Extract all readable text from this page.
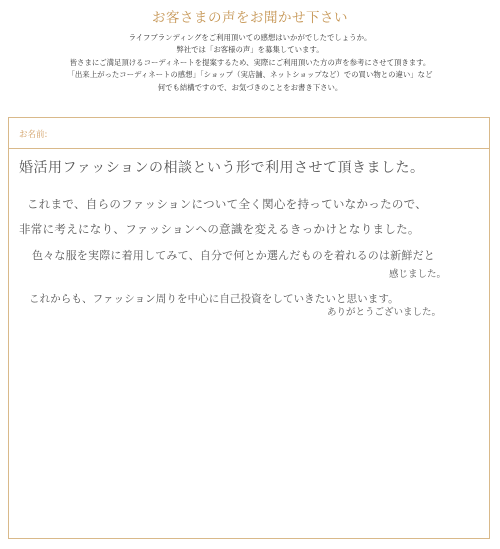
お客さまの声をお聞かせ下さい
ライフブランディングをご利用頂いての感想はいかがでしたでしょうか。
弊社では「お客様の声」を募集しています。
皆さまにご満足頂けるコーディネートを提案するため、実際にご利用頂いた方の声を参考にさせて頂きます。
「出来上がったコーディネートの感想」「ショップ（実店舗、ネットショップなど）での買い物との違い」など
何でも結構ですので、お気づきのことをお書き下さい。
お名前:
婚活用ファッションの相談という形で利用させて頂きました。
これまで、自らのファッションについて全く関心を持っていなかったので、
非常に考えになり、ファッションへの意識を変えるきっかけとなりました。
色々な服を実際に着用してみて、自分で何とか選んだものを着れるのは新鮮だと
感じました。
これからも、ファッション周りを中心に自己投資をしていきたいと思います。
ありがとうございました。
